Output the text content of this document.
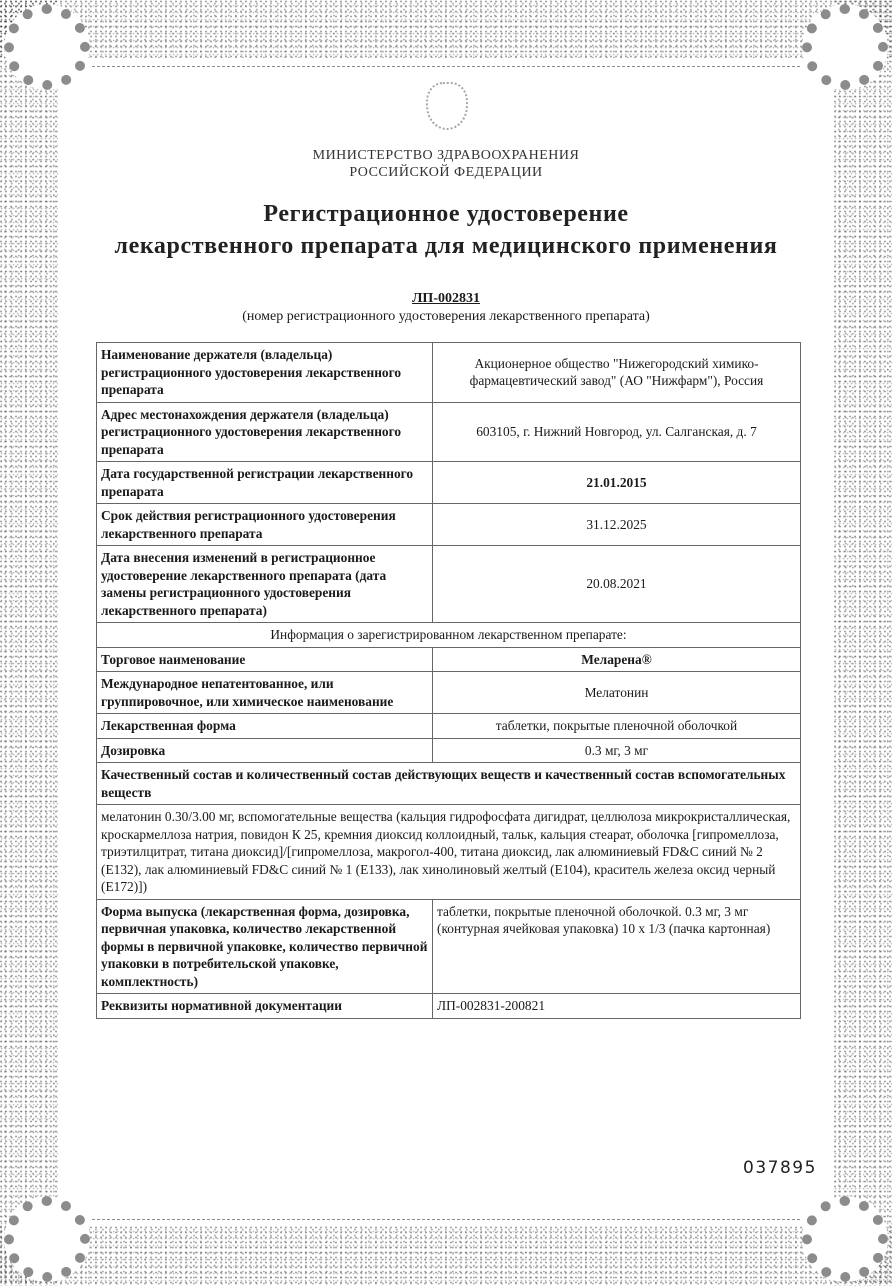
МИНИСТЕРСТВО ЗДРАВООХРАНЕНИЯ
РОССИЙСКОЙ ФЕДЕРАЦИИ
Регистрационное удостоверение
лекарственного препарата для медицинского применения
ЛП-002831
(номер регистрационного удостоверения лекарственного препарата)
Наименование держателя (владельца) регистрационного удостоверения лекарственного препарата	Акционерное общество "Нижегородский химико-фармацевтический завод" (АО "Нижфарм"), Россия
Адрес местонахождения держателя (владельца) регистрационного удостоверения лекарственного препарата	603105, г. Нижний Новгород, ул. Салганская, д. 7
Дата государственной регистрации лекарственного препарата	21.01.2015
Срок действия регистрационного удостоверения лекарственного препарата	31.12.2025
Дата внесения изменений в регистрационное удостоверение лекарственного препарата (дата замены регистрационного удостоверения лекарственного препарата)	20.08.2021
Информация о зарегистрированном лекарственном препарате:	
Торговое наименование	Меларена®
Международное непатентованное, или группировочное, или химическое наименование	Мелатонин
Лекарственная форма	таблетки, покрытые пленочной оболочкой
Дозировка	0.3 мг, 3 мг
Качественный состав и количественный состав действующих веществ и качественный состав вспомогательных веществ	
мелатонин 0.30/3.00 мг, вспомогательные вещества (кальция гидрофосфата дигидрат, целлюлоза микрокристаллическая, кроскармеллоза натрия, повидон К 25, кремния диоксид коллоидный, тальк, кальция стеарат, оболочка [гипромеллоза, триэтилцитрат, титана диоксид]/[гипромеллоза, макрогол-400, титана диоксид, лак алюминиевый FD&C синий № 2 (E132), лак алюминиевый FD&C синий № 1 (E133), лак хинолиновый желтый (E104), краситель железа оксид черный (E172)])	
Форма выпуска (лекарственная форма, дозировка, первичная упаковка, количество лекарственной формы в первичной упаковке, количество первичной упаковки в потребительской упаковке, комплектность)	таблетки, покрытые пленочной оболочкой. 0.3 мг, 3 мг (контурная ячейковая упаковка) 10 x 1/3 (пачка картонная)
Реквизиты нормативной документации	ЛП-002831-200821
037895
